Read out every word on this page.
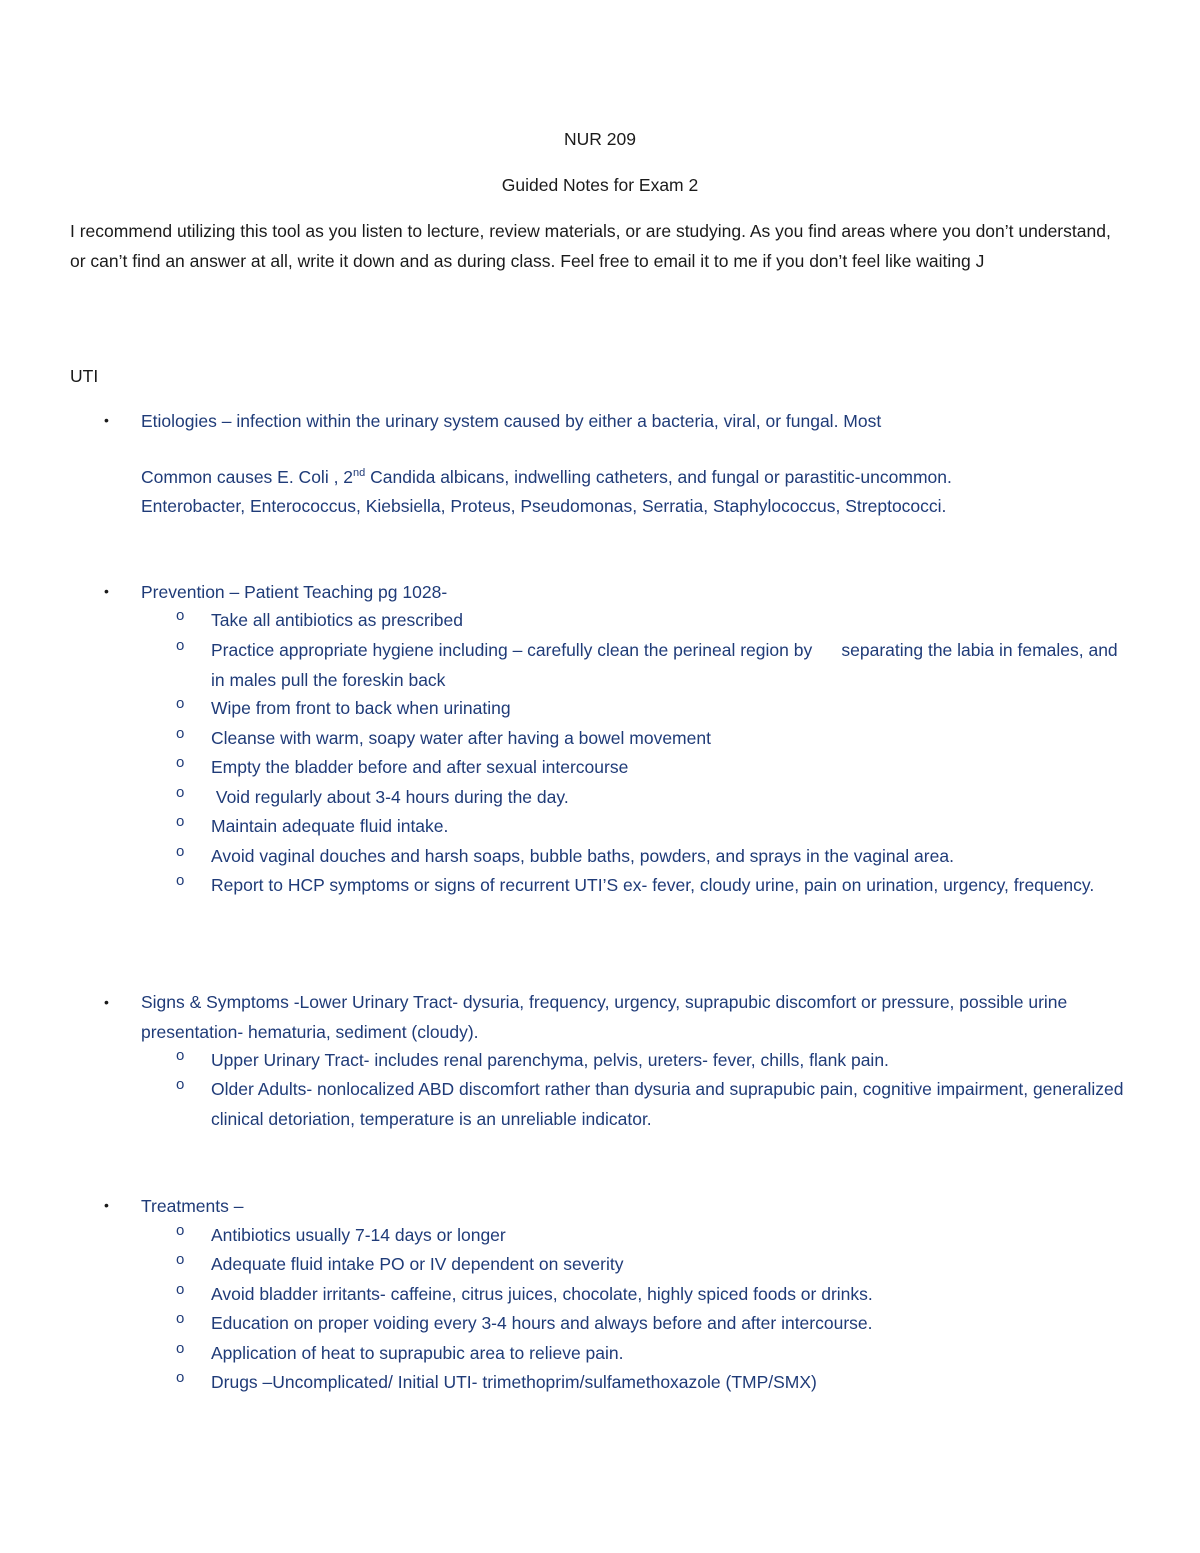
NUR 209
Guided Notes for Exam 2
I recommend utilizing this tool as you listen to lecture, review materials, or are studying. As you find areas where you don’t understand, or can’t find an answer at all, write it down and as during class. Feel free to email it to me if you don’t feel like waiting J
UTI
• Etiologies – infection within the urinary system caused by either a bacteria, viral, or fungal. Most
Common causes E. Coli , 2nd Candida albicans, indwelling catheters, and fungal or parastitic-uncommon.
Enterobacter, Enterococcus, Kiebsiella, Proteus, Pseudomonas, Serratia, Staphylococcus, Streptococci.
• Prevention – Patient Teaching pg 1028-
o Take all antibiotics as prescribed
o Practice appropriate hygiene including – carefully clean the perineal region by      separating the labia in females, and in males pull the foreskin back
o Wipe from front to back when urinating
o Cleanse with warm, soapy water after having a bowel movement
o Empty the bladder before and after sexual intercourse
o Void regularly about 3-4 hours during the day.
o Maintain adequate fluid intake.
o Avoid vaginal douches and harsh soaps, bubble baths, powders, and sprays in the vaginal area.
o Report to HCP symptoms or signs of recurrent UTI’S ex- fever, cloudy urine, pain on urination, urgency, frequency.
• Signs & Symptoms -Lower Urinary Tract- dysuria, frequency, urgency, suprapubic discomfort or pressure, possible urine presentation- hematuria, sediment (cloudy).
o Upper Urinary Tract- includes renal parenchyma, pelvis, ureters- fever, chills, flank pain.
o Older Adults- nonlocalized ABD discomfort rather than dysuria and suprapubic pain, cognitive impairment, generalized clinical detoriation, temperature is an unreliable indicator.
• Treatments –
o Antibiotics usually 7-14 days or longer
o Adequate fluid intake PO or IV dependent on severity
o Avoid bladder irritants- caffeine, citrus juices, chocolate, highly spiced foods or drinks.
o Education on proper voiding every 3-4 hours and always before and after intercourse.
o Application of heat to suprapubic area to relieve pain.
o Drugs –Uncomplicated/ Initial UTI- trimethoprim/sulfamethoxazole (TMP/SMX)
